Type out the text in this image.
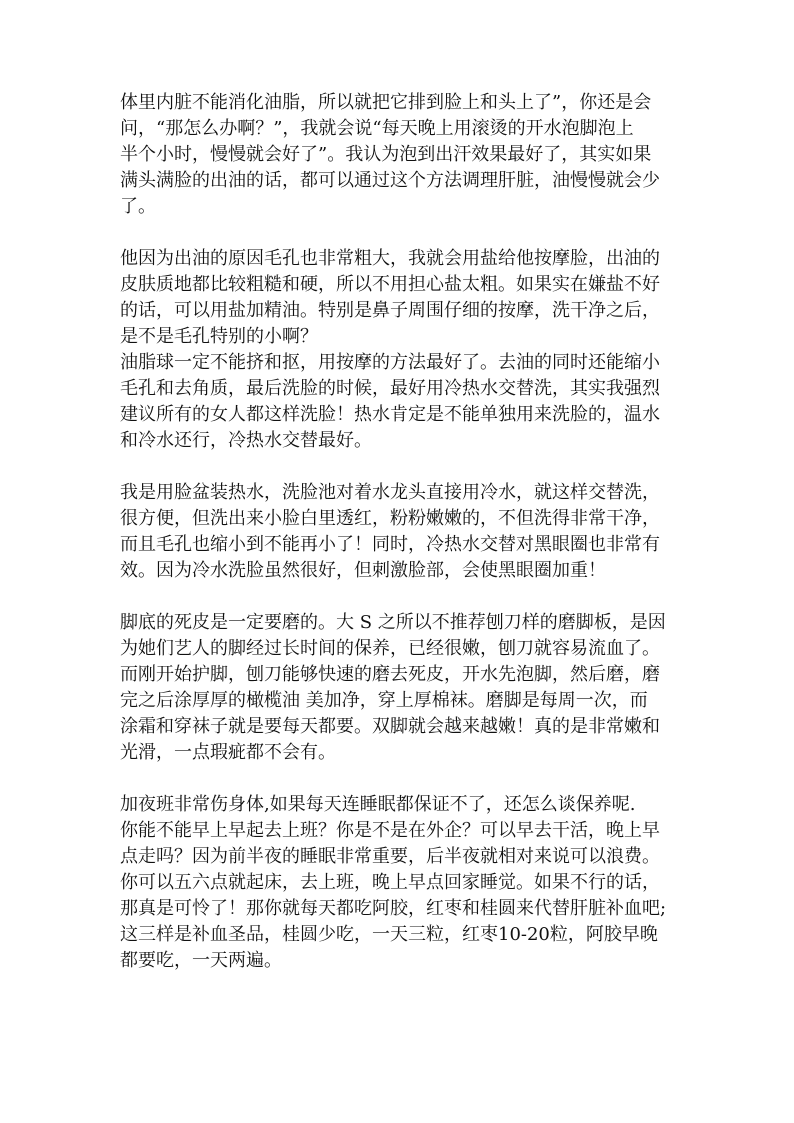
体里内脏不能消化油脂，所以就把它排到脸上和头上了”，你还是会
问，“那怎么办啊？”，我就会说“每天晚上用滚烫的开水泡脚泡上
半个小时，慢慢就会好了”。我认为泡到出汗效果最好了，其实如果
满头满脸的出油的话，都可以通过这个方法调理肝脏，油慢慢就会少
了。
他因为出油的原因毛孔也非常粗大，我就会用盐给他按摩脸，出油的
皮肤质地都比较粗糙和硬，所以不用担心盐太粗。如果实在嫌盐不好
的话，可以用盐加精油。特别是鼻子周围仔细的按摩，洗干净之后，
是不是毛孔特别的小啊？
油脂球一定不能挤和抠，用按摩的方法最好了。去油的同时还能缩小
毛孔和去角质，最后洗脸的时候，最好用冷热水交替洗，其实我强烈
建议所有的女人都这样洗脸！热水肯定是不能单独用来洗脸的，温水
和冷水还行，冷热水交替最好。
我是用脸盆装热水，洗脸池对着水龙头直接用冷水，就这样交替洗，
很方便，但洗出来小脸白里透红，粉粉嫩嫩的，不但洗得非常干净，
而且毛孔也缩小到不能再小了！同时，冷热水交替对黑眼圈也非常有
效。因为冷水洗脸虽然很好，但刺激脸部，会使黑眼圈加重！
脚底的死皮是一定要磨的。大 S 之所以不推荐刨刀样的磨脚板，是因
为她们艺人的脚经过长时间的保养，已经很嫩，刨刀就容易流血了。
而刚开始护脚，刨刀能够快速的磨去死皮，开水先泡脚，然后磨，磨
完之后涂厚厚的橄榄油 美加净，穿上厚棉袜。磨脚是每周一次，而
涂霜和穿袜子就是要每天都要。双脚就会越来越嫩！真的是非常嫩和
光滑，一点瑕疵都不会有。
加夜班非常伤身体,如果每天连睡眠都保证不了，还怎么谈保养呢.
你能不能早上早起去上班？你是不是在外企？可以早去干活，晚上早
点走吗？因为前半夜的睡眠非常重要，后半夜就相对来说可以浪费。
你可以五六点就起床，去上班，晚上早点回家睡觉。如果不行的话，
那真是可怜了！那你就每天都吃阿胶，红枣和桂圆来代替肝脏补血吧;
这三样是补血圣品，桂圆少吃，一天三粒，红枣10-20粒，阿胶早晚
都要吃，一天两遍。
